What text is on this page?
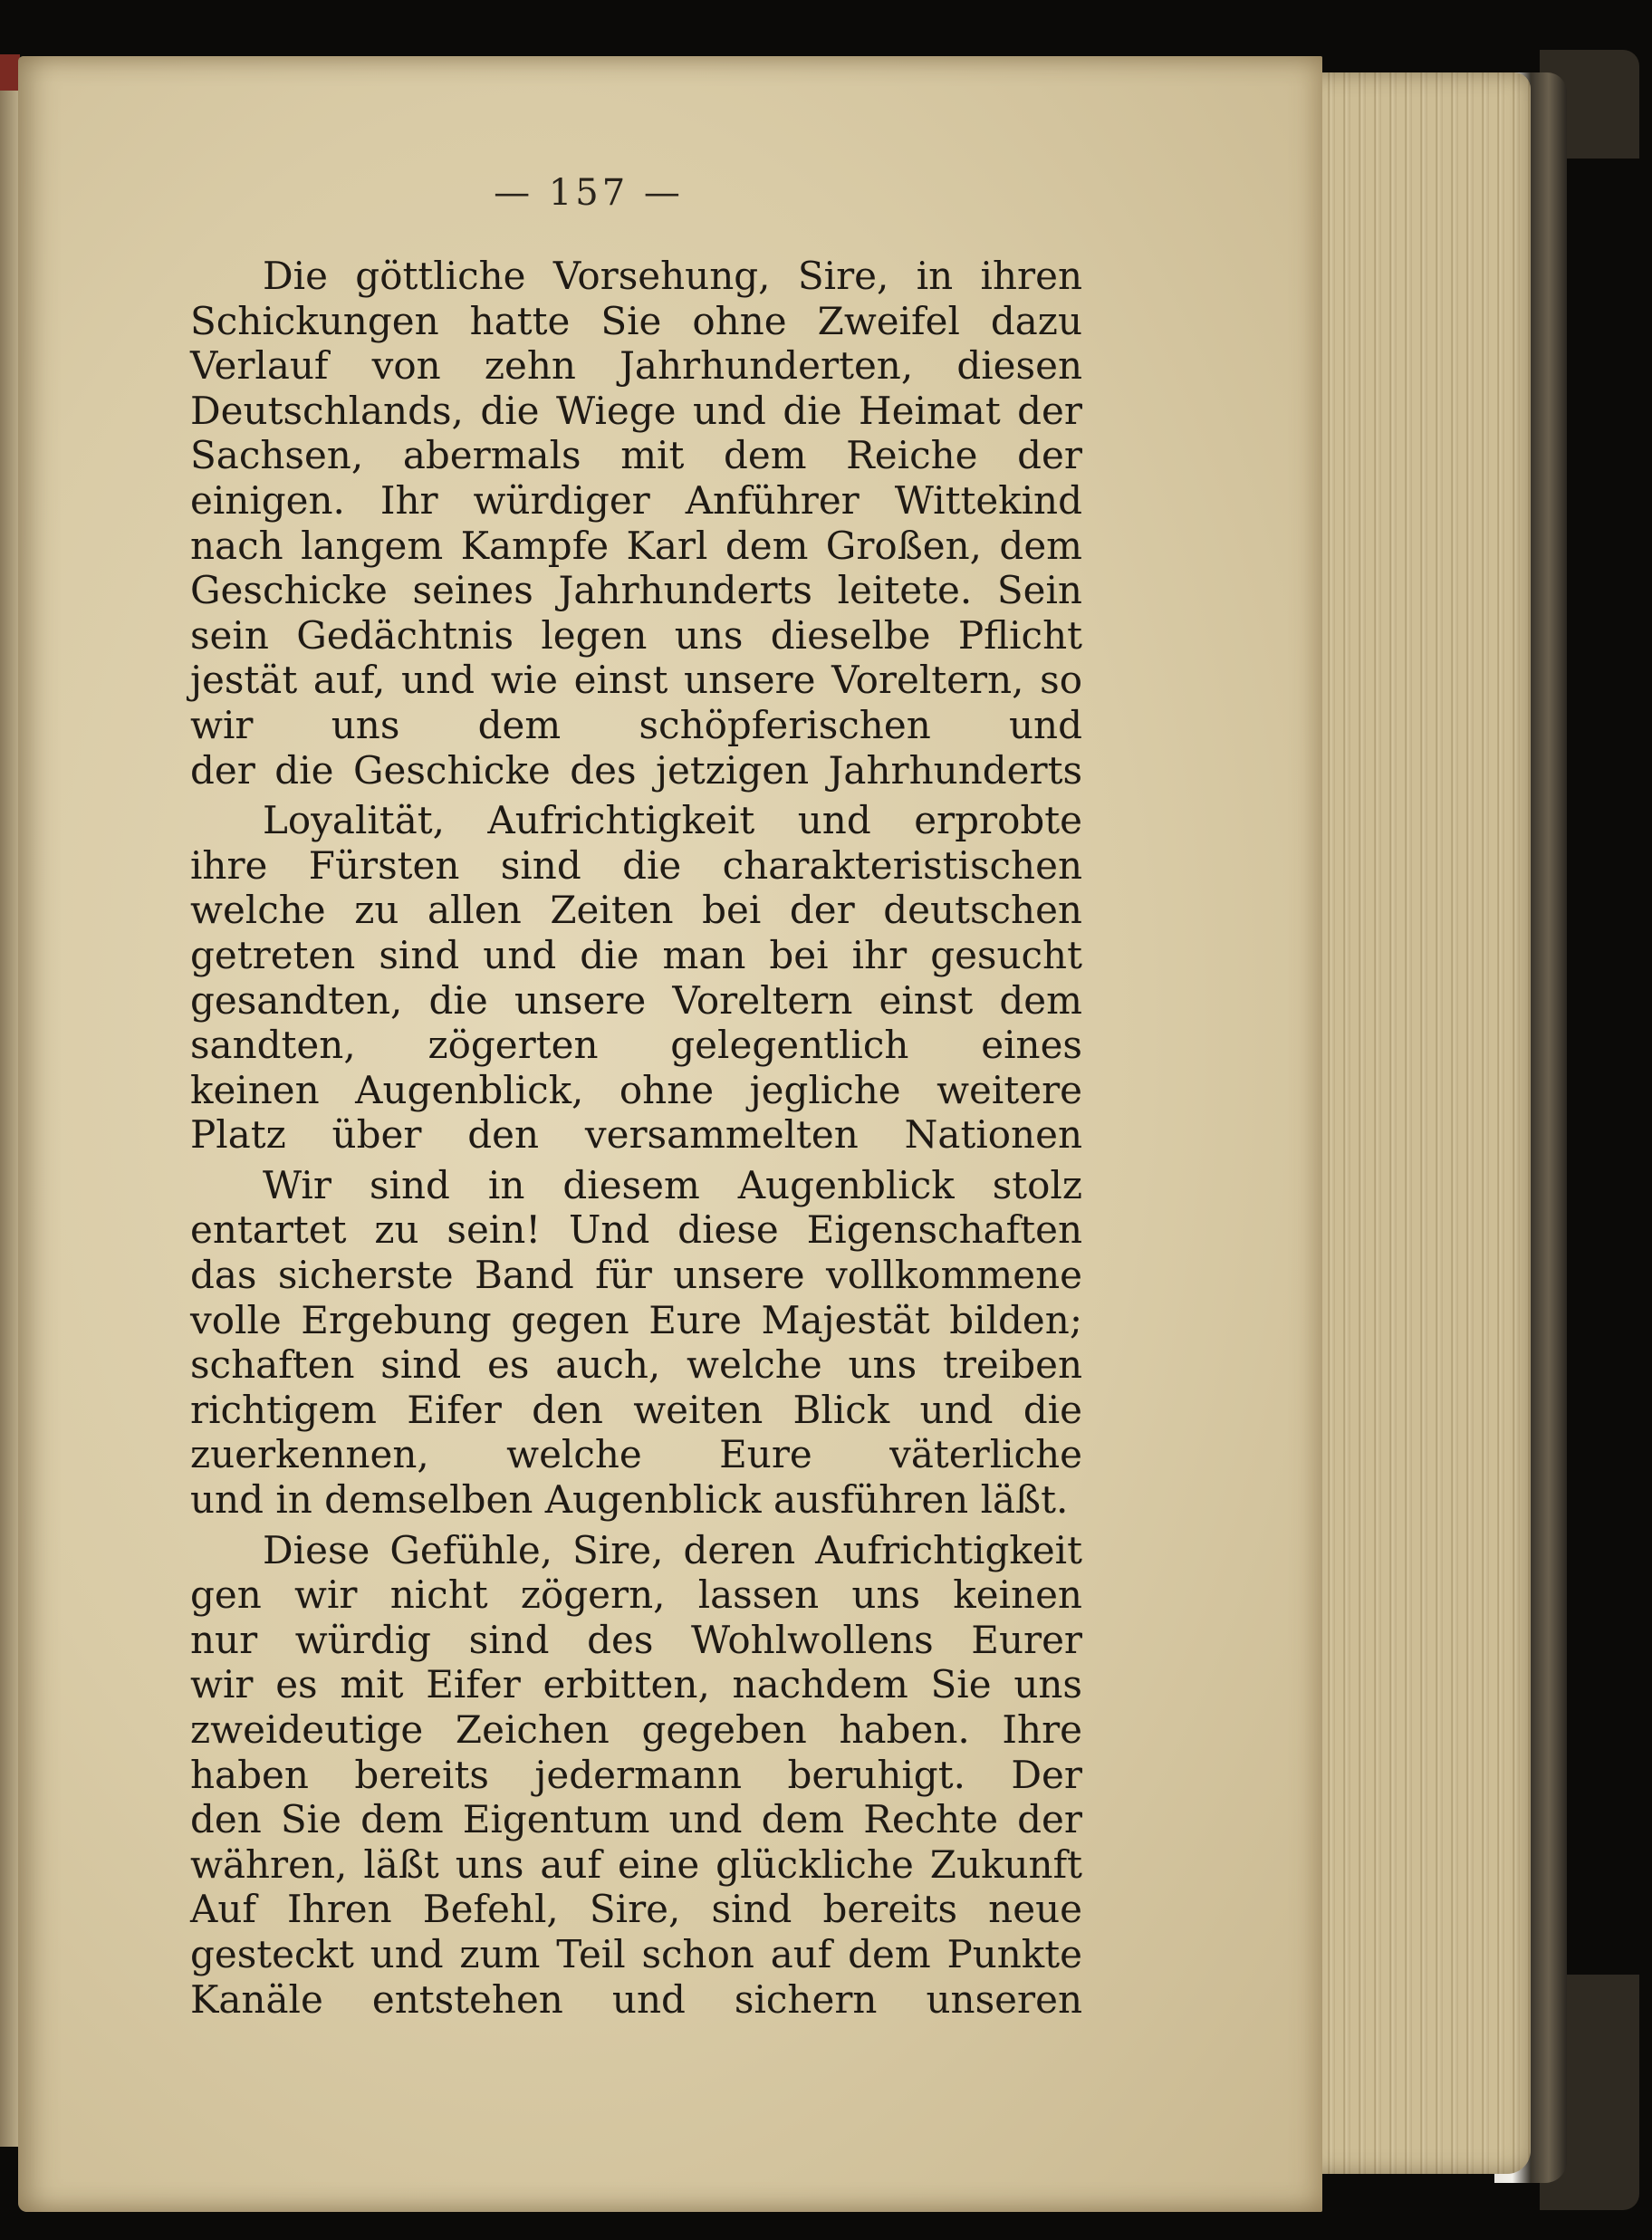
— 157 —
Die göttliche Vorsehung, Sire, in ihren
Schickungen hatte Sie ohne Zweifel dazu
Verlauf von zehn Jahrhunderten, diesen
Deutschlands, die Wiege und die Heimat der
Sachsen, abermals mit dem Reiche der
einigen. Ihr würdiger Anführer Wittekind
nach langem Kampfe Karl dem Großen, dem
Geschicke seines Jahrhunderts leitete. Sein
sein Gedächtnis legen uns dieselbe Pflicht
jestät auf, und wie einst unsere Voreltern, so
wir uns dem schöpferischen und
der die Geschicke des jetzigen Jahrhunderts
Loyalität, Aufrichtigkeit und erprobte
ihre Fürsten sind die charakteristischen
welche zu allen Zeiten bei der deutschen
getreten sind und die man bei ihr gesucht
gesandten, die unsere Voreltern einst dem
sandten, zögerten gelegentlich eines
keinen Augenblick, ohne jegliche weitere
Platz über den versammelten Nationen
Wir sind in diesem Augenblick stolz
entartet zu sein! Und diese Eigenschaften
das sicherste Band für unsere vollkommene
volle Ergebung gegen Eure Majestät bilden;
schaften sind es auch, welche uns treiben
richtigem Eifer den weiten Blick und die
zuerkennen, welche Eure väterliche
und in demselben Augenblick ausführen läßt.
Diese Gefühle, Sire, deren Aufrichtigkeit
gen wir nicht zögern, lassen uns keinen
nur würdig sind des Wohlwollens Eurer
wir es mit Eifer erbitten, nachdem Sie uns
zweideutige Zeichen gegeben haben. Ihre
haben bereits jedermann beruhigt. Der
den Sie dem Eigentum und dem Rechte der
währen, läßt uns auf eine glückliche Zukunft
Auf Ihren Befehl, Sire, sind bereits neue
gesteckt und zum Teil schon auf dem Punkte
Kanäle entstehen und sichern unseren
